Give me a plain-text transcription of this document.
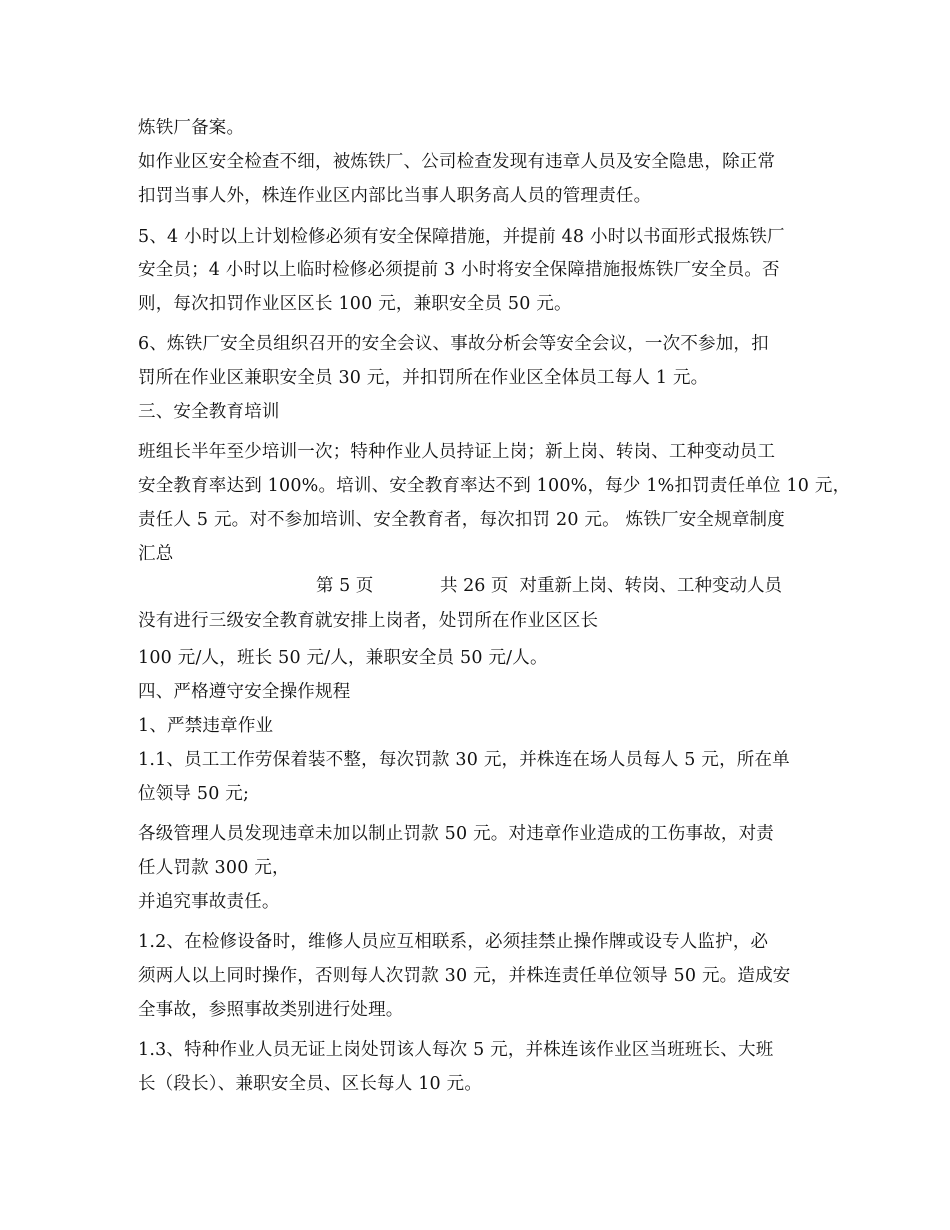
炼铁厂备案。
如作业区安全检查不细，被炼铁厂、公司检查发现有违章人员及安全隐患，除正常
扣罚当事人外，株连作业区内部比当事人职务高人员的管理责任。
5、4 小时以上计划检修必须有安全保障措施，并提前 48 小时以书面形式报炼铁厂
安全员；4 小时以上临时检修必须提前 3 小时将安全保障措施报炼铁厂安全员。否
则，每次扣罚作业区区长 100 元，兼职安全员 50 元。
6、炼铁厂安全员组织召开的安全会议、事故分析会等安全会议，一次不参加，扣
罚所在作业区兼职安全员 30 元，并扣罚所在作业区全体员工每人 1 元。
三、安全教育培训
班组长半年至少培训一次；特种作业人员持证上岗；新上岗、转岗、工种变动员工
安全教育率达到 100%。培训、安全教育率达不到 100%，每少 1%扣罚责任单位 10 元，
责任人 5 元。对不参加培训、安全教育者，每次扣罚 20 元。 炼铁厂安全规章制度
汇总
第 5 页            共 26 页  对重新上岗、转岗、工种变动人员
没有进行三级安全教育就安排上岗者，处罚所在作业区区长
100 元/人，班长 50 元/人，兼职安全员 50 元/人。
四、严格遵守安全操作规程
1、严禁违章作业
1.1、员工工作劳保着装不整，每次罚款 30 元，并株连在场人员每人 5 元，所在单
位领导 50 元;
各级管理人员发现违章未加以制止罚款 50 元。对违章作业造成的工伤事故，对责
任人罚款 300 元，
并追究事故责任。
1.2、在检修设备时，维修人员应互相联系，必须挂禁止操作牌或设专人监护，必
须两人以上同时操作，否则每人次罚款 30 元，并株连责任单位领导 50 元。造成安
全事故，参照事故类别进行处理。
1.3、特种作业人员无证上岗处罚该人每次 5 元，并株连该作业区当班班长、大班
长（段长）、兼职安全员、区长每人 10 元。
